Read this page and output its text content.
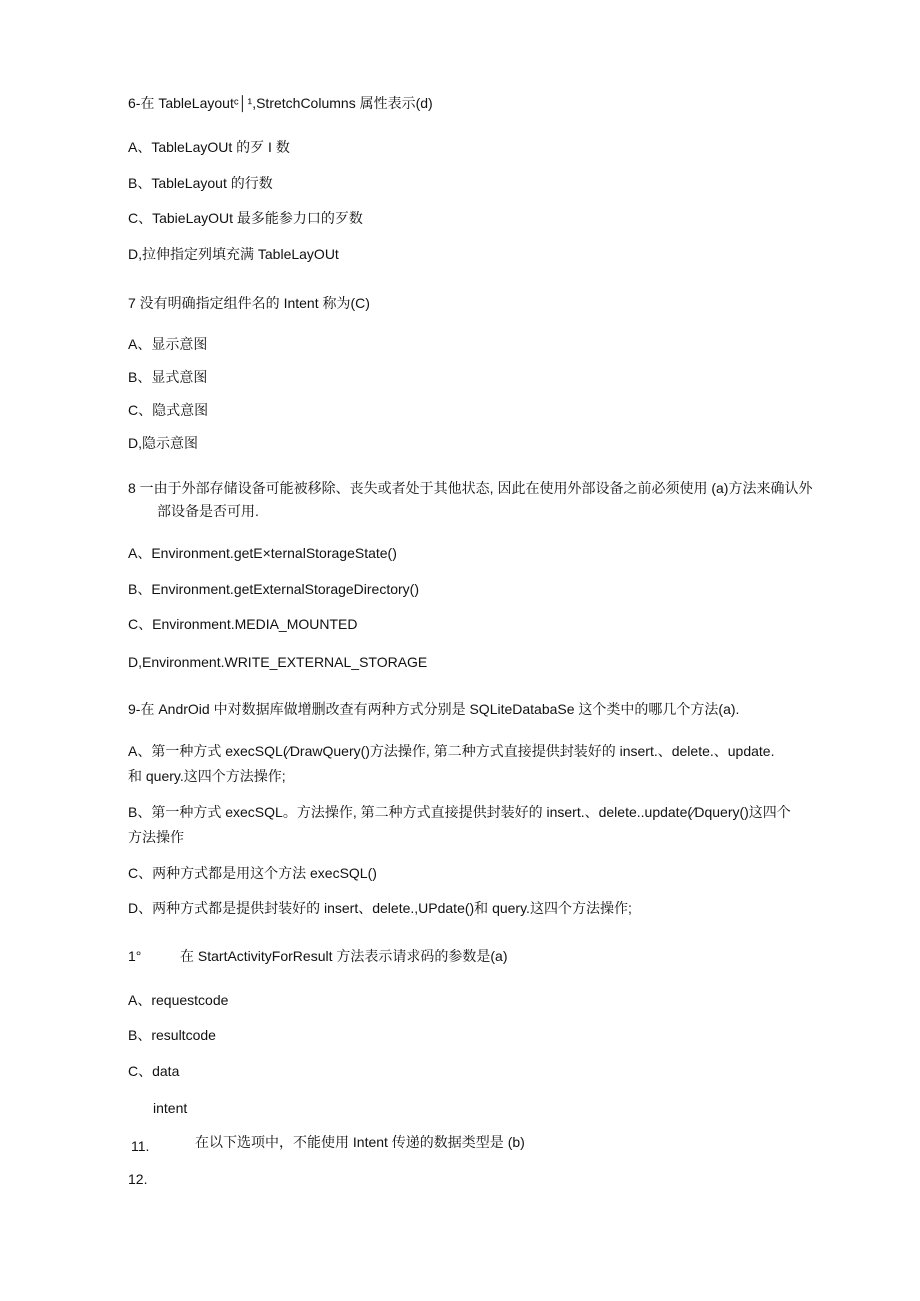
6-在 TableLayoutᶜ│¹,StretchColumns 属性表示(d)
A、TableLayOUt 的歹 I 数
B、TableLayout 的行数
C、TabieLayOUt 最多能参力口的歹数
D,拉伸指定列填充满 TableLayOUt
7 没有明确指定组件名的 Intent 称为(C)
A、显示意图
B、显式意图
C、隐式意图
D,隐示意图
8 一由于外部存储设备可能被移除、丧失或者处于其他状态, 因此在使用外部设备之前必须使用 (a)方法来确认外
部设备是否可用.
A、Environment.getE×ternalStorageState()
B、Environment.getExternalStorageDirectory()
C、Environment.MEDIA_MOUNTED
D,Environment.WRITE_EXTERNAL_STORAGE
9-在 AndrOid 中对数据库做增删改查有两种方式分别是 SQLiteDatabaSe 这个类中的哪几个方法(a).
A、第一种方式 execSQL(⁄DrawQuery()方法操作, 第二种方式直接提供封装好的 insert.、delete.、update.
和 query.这四个方法操作;
B、第一种方式 execSQL。方法操作, 第二种方式直接提供封装好的 insert.、delete..update(⁄Dquery()这四个
方法操作
C、两种方式都是用这个方法 execSQL()
D、两种方式都是提供封装好的 insert、delete.,UPdate()和 query.这四个方法操作;
1°	在 StartActivityForResult 方法表示请求码的参数是(a)
A、requestcode
B、resultcode
C、data
intent
11.	在以下选项中，不能使用 Intent 传递的数据类型是 (b)
12.
